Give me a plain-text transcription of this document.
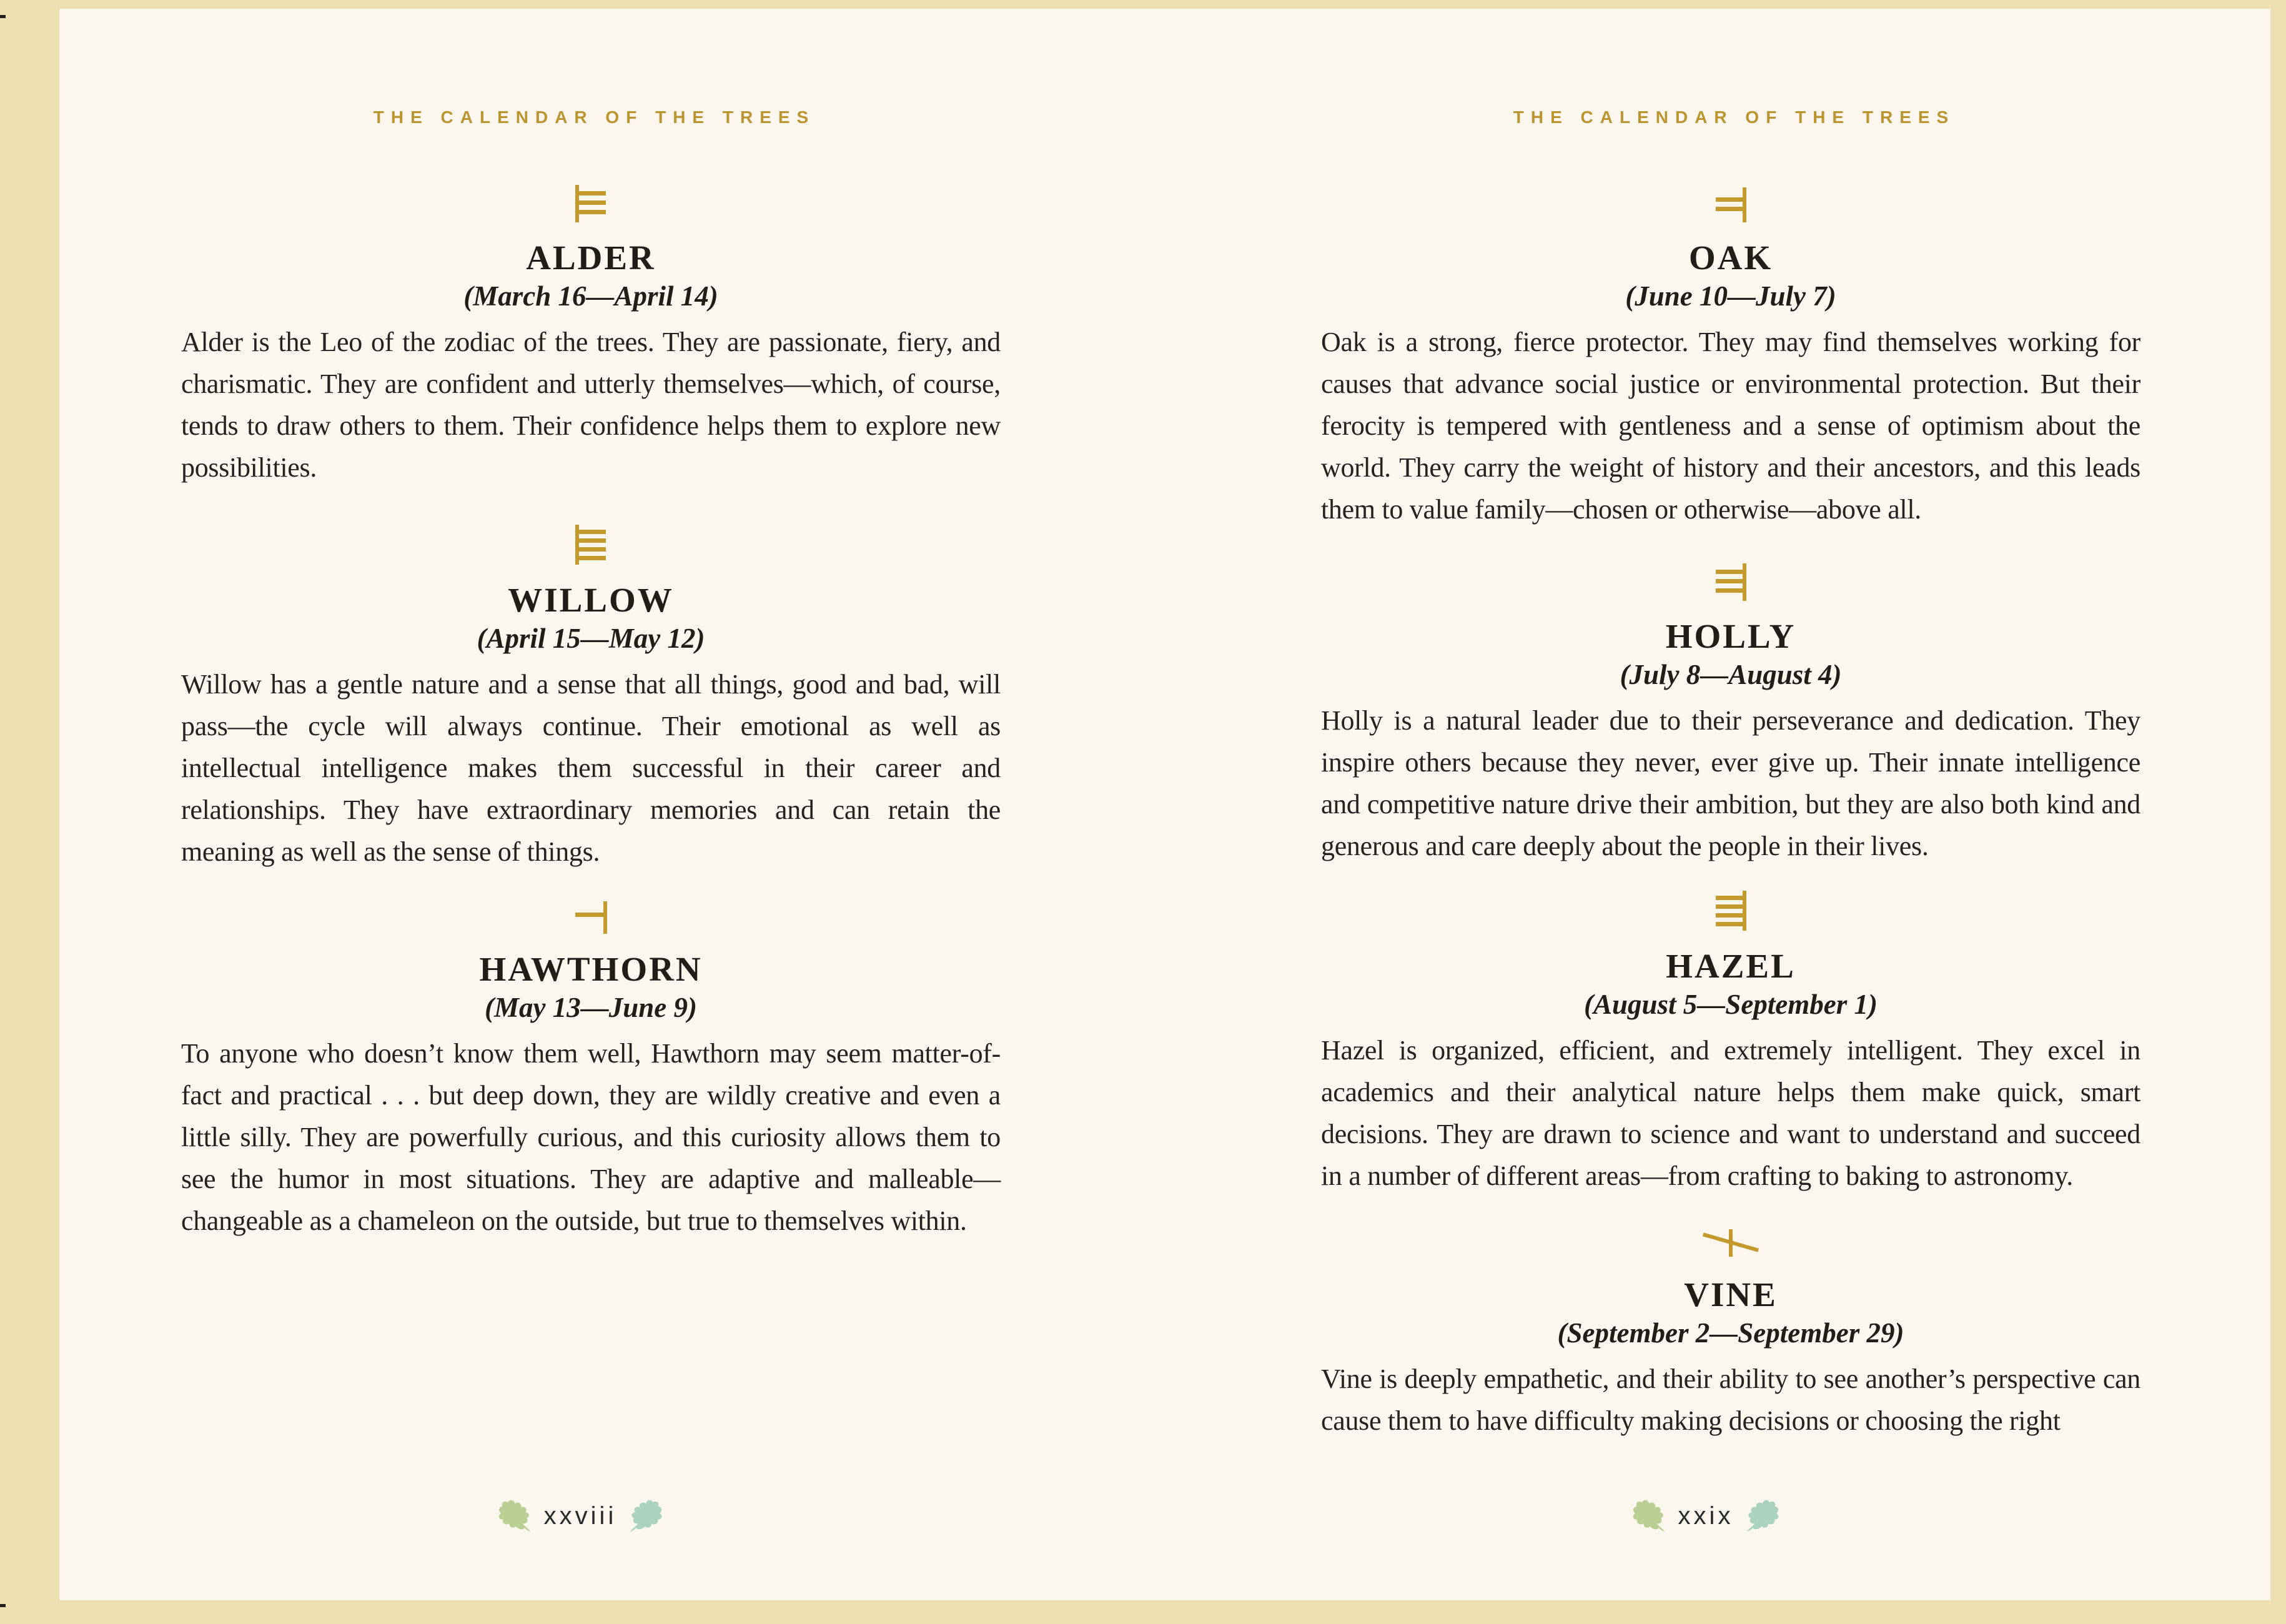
THE CALENDAR OF THE TREES
ALDER
(March 16—April 14)

Alder is the Leo of the zodiac of the trees. They are passionate, fiery, and charismatic. They are confident and utterly themselves—which, of course, tends to draw others to them. Their confidence helps them to explore new possibilities.

WILLOW
(April 15—May 12)

Willow has a gentle nature and a sense that all things, good and bad, will pass—the cycle will always continue. Their emotional as well as intellectual intelligence makes them successful in their career and relationships. They have extraordinary memories and can retain the meaning as well as the sense of things.

HAWTHORN
(May 13—June 9)

To anyone who doesn’t know them well, Hawthorn may seem matter-of-fact and practical . . . but deep down, they are wildly creative and even a little silly. They are powerfully curious, and this curiosity allows them to see the humor in most situations. They are adaptive and malleable—changeable as a chameleon on the outside, but true to themselves within.

THE CALENDAR OF THE TREES
OAK
(June 10—July 7)

Oak is a strong, fierce protector. They may find themselves working for causes that advance social justice or environmental protection. But their ferocity is tempered with gentleness and a sense of optimism about the world. They carry the weight of history and their ancestors, and this leads them to value family—chosen or otherwise—above all.

HOLLY
(July 8—August 4)

Holly is a natural leader due to their perseverance and dedication. They inspire others because they never, ever give up. Their innate intelligence and competitive nature drive their ambition, but they are also both kind and generous and care deeply about the people in their lives.

HAZEL
(August 5—September 1)

Hazel is organized, efficient, and extremely intelligent. They excel in academics and their analytical nature helps them make quick, smart decisions. They are drawn to science and want to understand and succeed in a number of different areas—from crafting to baking to astronomy.

VINE
(September 2—September 29)

Vine is deeply empathetic, and their ability to see another’s perspective can cause them to have difficulty making decisions or choosing the right

xxviii	xxix
